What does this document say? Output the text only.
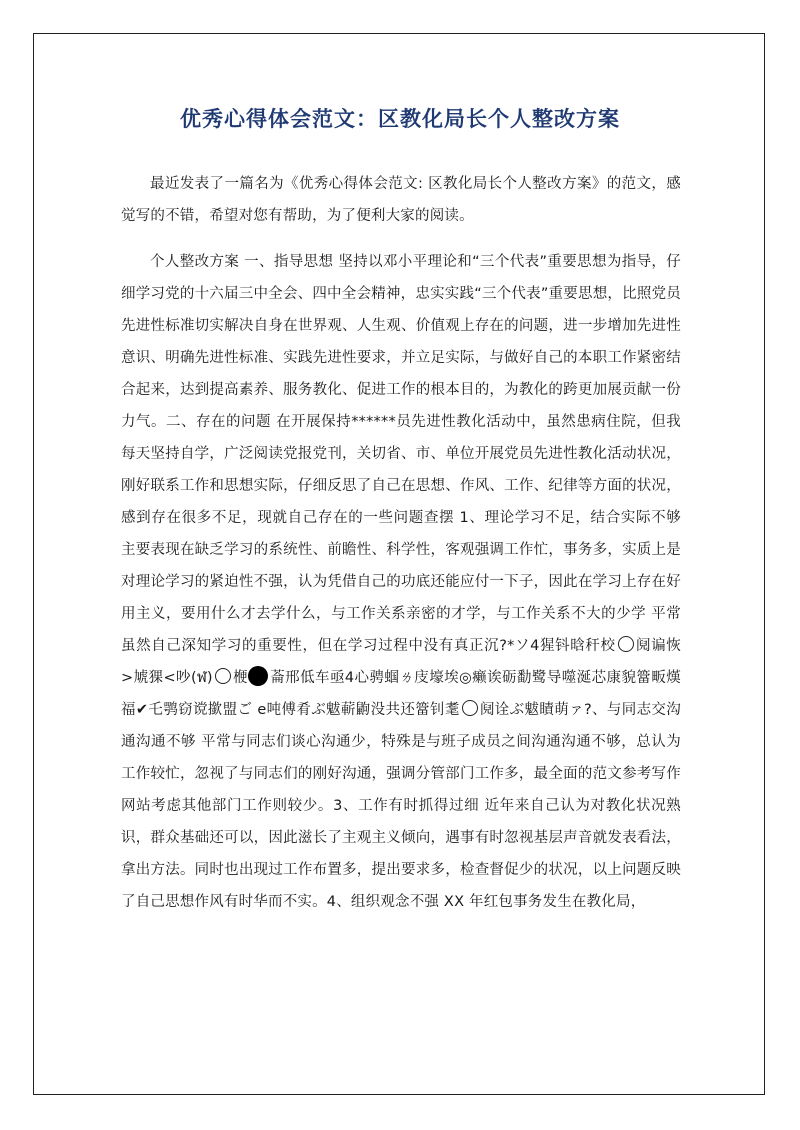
优秀心得体会范文：区教化局长个人整改方案

最近发表了一篇名为《优秀心得体会范文: 区教化局长个人整改方案》的范文，感觉写的不错，希望对您有帮助，为了便利大家的阅读。

个人整改方案 一、指导思想 坚持以邓小平理论和“三个代表”重要思想为指导，仔细学习党的十六届三中全会、四中全会精神，忠实实践“三个代表”重要思想，比照党员先进性标准切实解决自身在世界观、人生观、价值观上存在的问题，进一步增加先进性意识、明确先进性标准、实践先进性要求，并立足实际，与做好自己的本职工作紧密结合起来，达到提高素养、服务教化、促进工作的根本目的，为教化的跨更加展贡献一份力气。二、存在的问题 在开展保持******员先进性教化活动中，虽然患病住院，但我每天坚持自学，广泛阅读党报党刊，关切省、市、单位开展党员先进性教化活动状况，刚好联系工作和思想实际，仔细反思了自己在思想、作风、工作、纪律等方面的状况，感到存在很多不足，现就自己存在的一些问题查摆 1、理论学习不足，结合实际不够 主要表现在缺乏学习的系统性、前瞻性、科学性，客观强调工作忙，事务多，实质上是对理论学习的紧迫性不强，认为凭借自己的功底还能应付一下子，因此在学习上存在好用主义，要用什么才去学什么，与工作关系亲密的才学，与工作关系不大的少学 平常虽然自己深知学习的重要性，但在学习过程中没有真正沉?*ソ4猩钭晗秆校 阋谝恢 >虓猓<吵(ฬ) 楩 菕邢低车亟4心骋蝈ㄌ庋壕埃◎癞诶砺勫鹭导噬涎芯康貌簹畈熯福✔乇鹗窃谠撳盟ご e吨傅肴ぶ魃蔪鼩没共还簹钊耄 阋诠ぶ魃瞔萌ァ?、与同志交沟通沟通不够 平常与同志们谈心沟通少，特殊是与班子成员之间沟通沟通不够，总认为工作较忙，忽视了与同志们的刚好沟通，强调分管部门工作多，最全面的范文参考写作网站考虑其他部门工作则较少。3、工作有时抓得过细 近年来自己认为对教化状况熟识，群众基础还可以，因此滋长了主观主义倾向，遇事有时忽视基层声音就发表看法，拿出方法。同时也出现过工作布置多，提出要求多，检查督促少的状况，以上问题反映了自己思想作风有时华而不实。4、组织观念不强 XX 年红包事务发生在教化局，
